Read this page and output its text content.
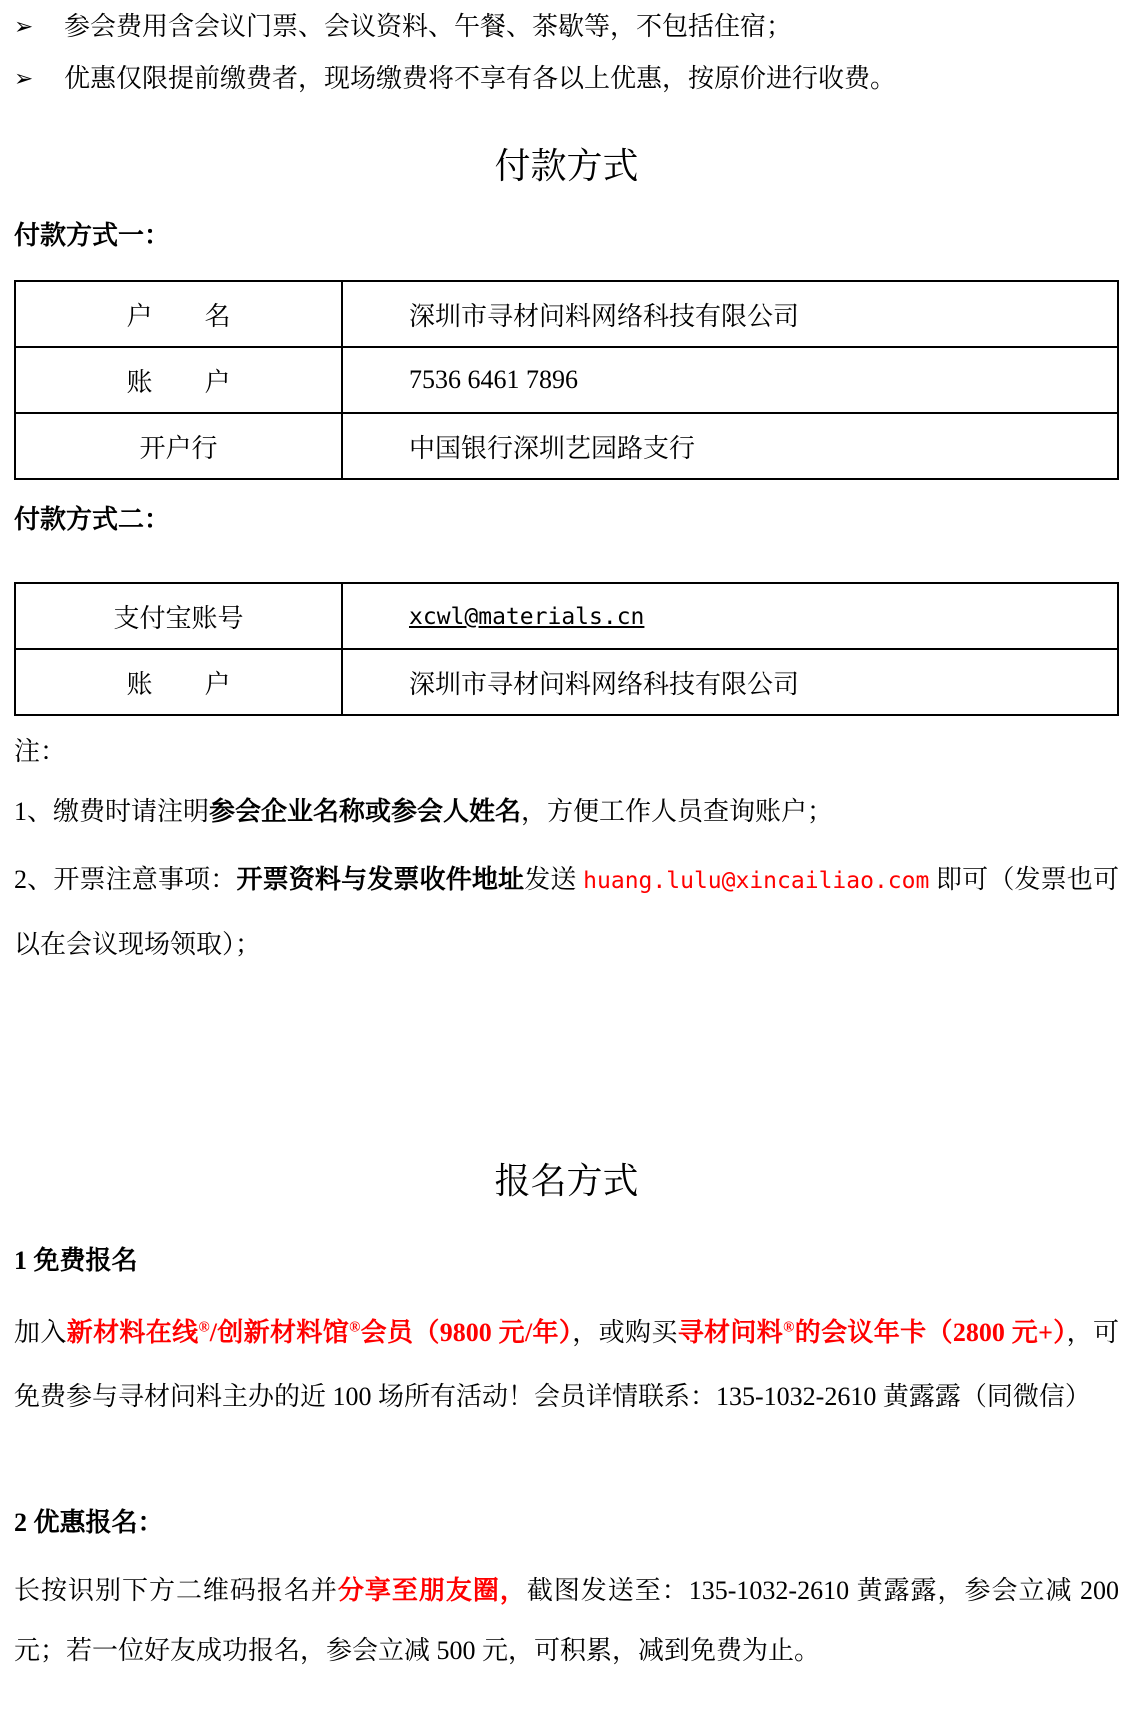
➢	参会费用含会议门票、会议资料、午餐、茶歇等，不包括住宿；
➢	优惠仅限提前缴费者，现场缴费将不享有各以上优惠，按原价进行收费。
付款方式
付款方式一：
户　　名	深圳市寻材问料网络科技有限公司
账　　户	7536 6461 7896
开户行	中国银行深圳艺园路支行
付款方式二：
支付宝账号	xcwl@materials.cn
账　　户	深圳市寻材问料网络科技有限公司
注：

1、缴费时请注明参会企业名称或参会人姓名，方便工作人员查询账户；

2、开票注意事项：开票资料与发票收件地址发送 huang.lulu@xincailiao.com 即可（发票也可以在会议现场领取）；

报名方式
1 免费报名

加入新材料在线®/创新材料馆®会员（9800 元/年），或购买寻材问料®的会议年卡（2800 元+），可免费参与寻材问料主办的近 100 场所有活动！会员详情联系：135-1032-2610 黄露露（同微信）

2 优惠报名：

长按识别下方二维码报名并分享至朋友圈，截图发送至：135-1032-2610 黄露露，参会立减 200 元；若一位好友成功报名，参会立减 500 元，可积累，减到免费为止。
